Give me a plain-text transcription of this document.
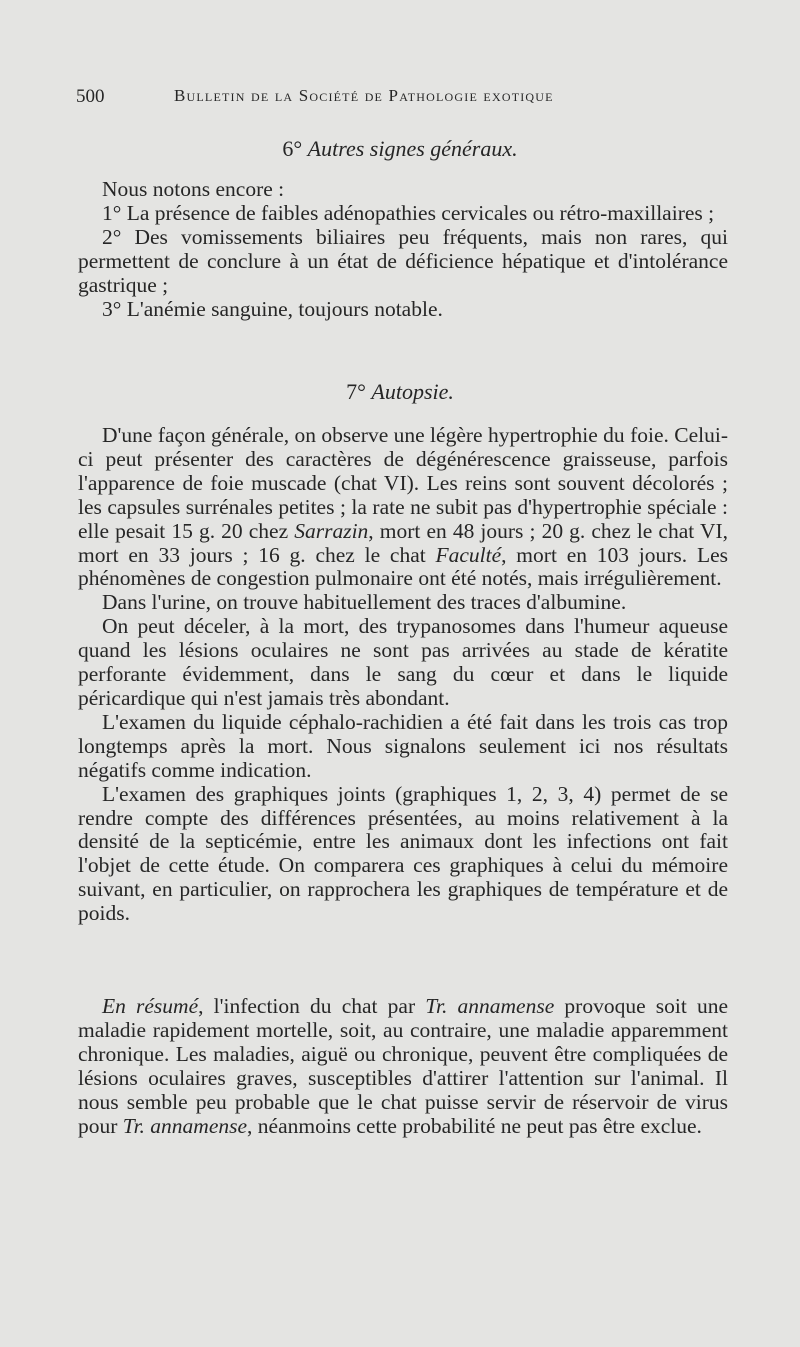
500	Bulletin de la Société de Pathologie exotique
6° Autres signes généraux.

Nous notons encore :

1° La présence de faibles adénopathies cervicales ou rétro-maxillaires ;

2° Des vomissements biliaires peu fréquents, mais non rares, qui permettent de conclure à un état de déficience hépatique et d'intolérance gastrique ;

3° L'anémie sanguine, toujours notable.

7° Autopsie.

D'une façon générale, on observe une légère hypertrophie du foie. Celui-ci peut présenter des caractères de dégénérescence graisseuse, parfois l'apparence de foie muscade (chat VI). Les reins sont souvent décolorés ; les capsules surrénales petites ; la rate ne subit pas d'hypertrophie spéciale : elle pesait 15 g. 20 chez Sarrazin, mort en 48 jours ; 20 g. chez le chat VI, mort en 33 jours ; 16 g. chez le chat Faculté, mort en 103 jours. Les phénomènes de congestion pulmonaire ont été notés, mais irrégulièrement.

Dans l'urine, on trouve habituellement des traces d'albumine.

On peut déceler, à la mort, des trypanosomes dans l'humeur aqueuse quand les lésions oculaires ne sont pas arrivées au stade de kératite perforante évidemment, dans le sang du cœur et dans le liquide péricardique qui n'est jamais très abondant.

L'examen du liquide céphalo-rachidien a été fait dans les trois cas trop longtemps après la mort. Nous signalons seulement ici nos résultats négatifs comme indication.

L'examen des graphiques joints (graphiques 1, 2, 3, 4) permet de se rendre compte des différences présentées, au moins relativement à la densité de la septicémie, entre les animaux dont les infections ont fait l'objet de cette étude. On comparera ces graphiques à celui du mémoire suivant, en particulier, on rapprochera les graphiques de température et de poids.

En résumé, l'infection du chat par Tr. annamense provoque soit une maladie rapidement mortelle, soit, au contraire, une maladie apparemment chronique. Les maladies, aiguë ou chronique, peuvent être compliquées de lésions oculaires graves, susceptibles d'attirer l'attention sur l'animal. Il nous semble peu probable que le chat puisse servir de réservoir de virus pour Tr. annamense, néanmoins cette probabilité ne peut pas être exclue.
